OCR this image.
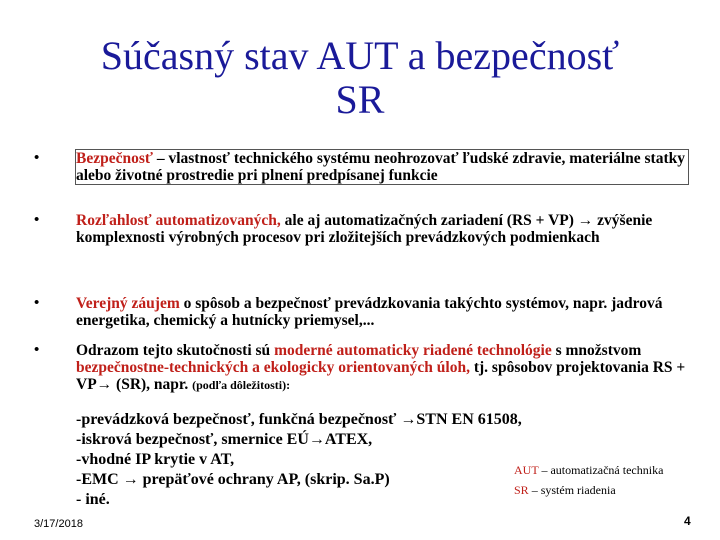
Súčasný stav AUT a bezpečnosť
SR
•	Bezpečnosť – vlastnosť technického systému neohrozovať ľudské zdravie, materiálne statky alebo životné prostredie pri plnení predpísanej funkcie
•	Rozľahlosť automatizovaných, ale aj automatizačných zariadení (RS + VP) → zvýšenie komplexnosti výrobných procesov pri zložitejších prevádzkových podmienkach
•	Verejný záujem o spôsob a bezpečnosť prevádzkovania takýchto systémov, napr. jadrová energetika, chemický a hutnícky priemysel,...
•	Odrazom tejto skutočnosti sú moderné automaticky riadené technológie s množstvom bezpečnostne-technických a ekologicky orientovaných úloh, tj. spôsobov projektovania RS + VP→ (SR), napr. (podľa dôležitosti):
-prevádzková bezpečnosť, funkčná bezpečnosť →STN EN 61508,
-iskrová bezpečnosť, smernice EÚ→ATEX,
-vhodné IP krytie v AT,
-EMC → prepäťové ochrany AP, (skrip. Sa.P)
- iné.
AUT – automatizačná technika
SR – systém riadenia
3/17/2018	4
